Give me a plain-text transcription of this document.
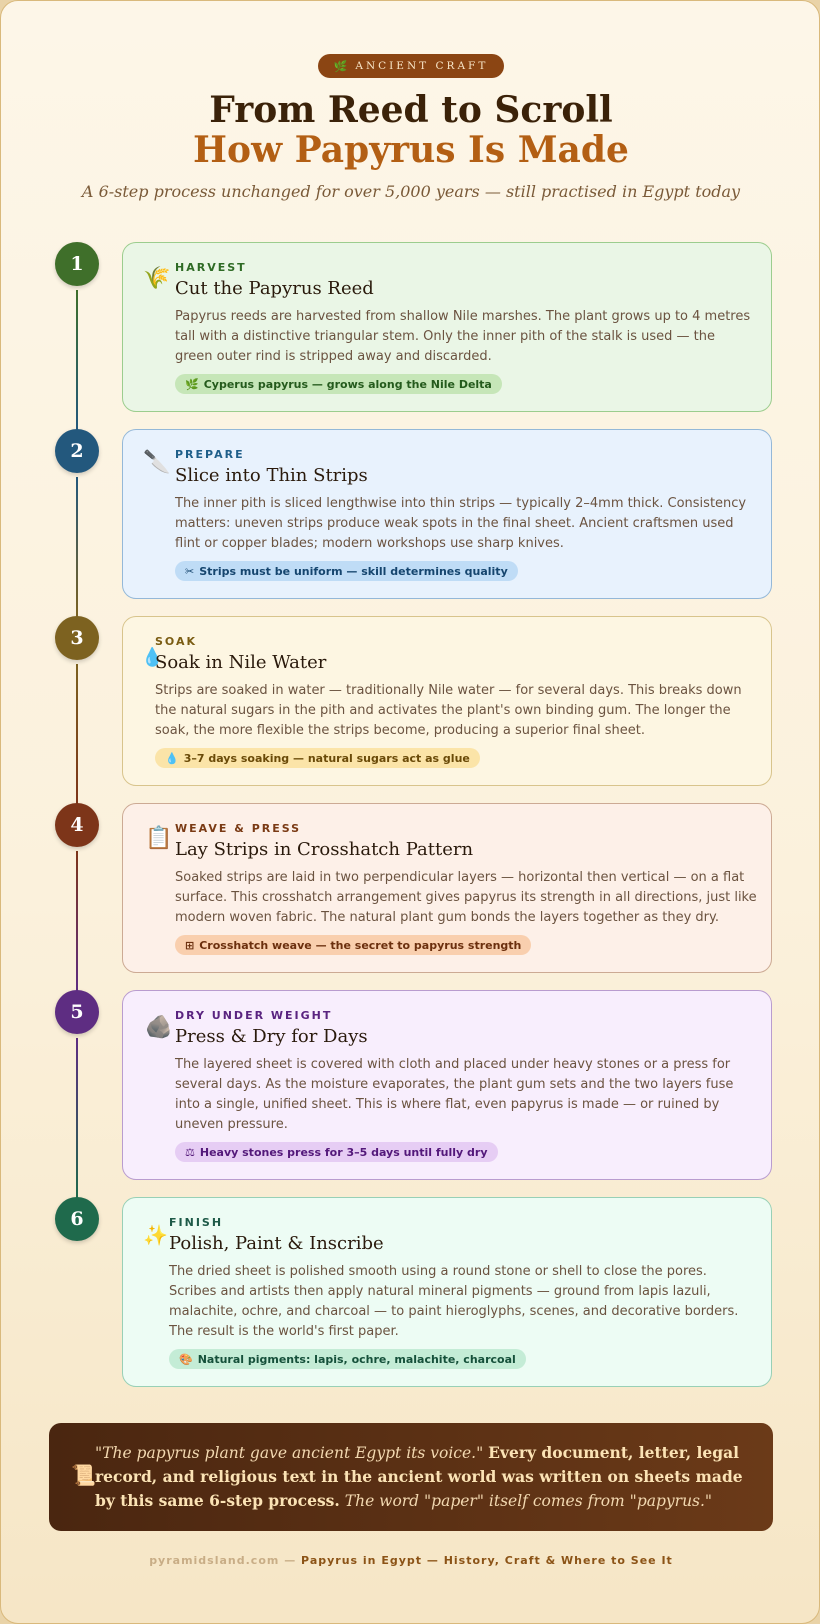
🌿 ANCIENT CRAFT
From Reed to Scroll
How Papyrus Is Made
A 6-step process unchanged for over 5,000 years — still practised in Egypt today
1
🌾 HARVEST
Cut the Papyrus Reed
Papyrus reeds are harvested from shallow Nile marshes. The plant grows up to 4 metres tall with a distinctive triangular stem. Only the inner pith of the stalk is used — the green outer rind is stripped away and discarded.
🌿 Cyperus papyrus — grows along the Nile Delta
2	🔪 PREPARE
Slice into Thin Strips
The inner pith is sliced lengthwise into thin strips — typically 2–4mm thick. Consistency matters: uneven strips produce weak spots in the final sheet. Ancient craftsmen used flint or copper blades; modern workshops use sharp knives.
✂ Strips must be uniform — skill determines quality
3
💧
SOAK
Soak in Nile Water
Strips are soaked in water — traditionally Nile water — for several days. This breaks down the natural sugars in the pith and activates the plant's own binding gum. The longer the soak, the more flexible the strips become, producing a superior final sheet.
💧 3–7 days soaking — natural sugars act as glue
4
📋 WEAVE & PRESS
Lay Strips in Crosshatch Pattern
Soaked strips are laid in two perpendicular layers — horizontal then vertical — on a flat surface. This crosshatch arrangement gives papyrus its strength in all directions, just like modern woven fabric. The natural plant gum bonds the layers together as they dry.
⊞ Crosshatch weave — the secret to papyrus strength
5
🪨 DRY UNDER WEIGHT
Press & Dry for Days
The layered sheet is covered with cloth and placed under heavy stones or a press for several days. As the moisture evaporates, the plant gum sets and the two layers fuse into a single, unified sheet. This is where flat, even papyrus is made — or ruined by uneven pressure.
⚖ Heavy stones press for 3–5 days until fully dry
6
✨
FINISH
Polish, Paint & Inscribe
The dried sheet is polished smooth using a round stone or shell to close the pores. Scribes and artists then apply natural mineral pigments — ground from lapis lazuli, malachite, ochre, and charcoal — to paint hieroglyphs, scenes, and decorative borders. The result is the world's first paper.
🎨 Natural pigments: lapis, ochre, malachite, charcoal
📜
"The papyrus plant gave ancient Egypt its voice." Every document, letter, legal record, and religious text in the ancient world was written on sheets made by this same 6-step process. The word "paper" itself comes from "papyrus."
pyramidsland.com — Papyrus in Egypt — History, Craft & Where to See It
